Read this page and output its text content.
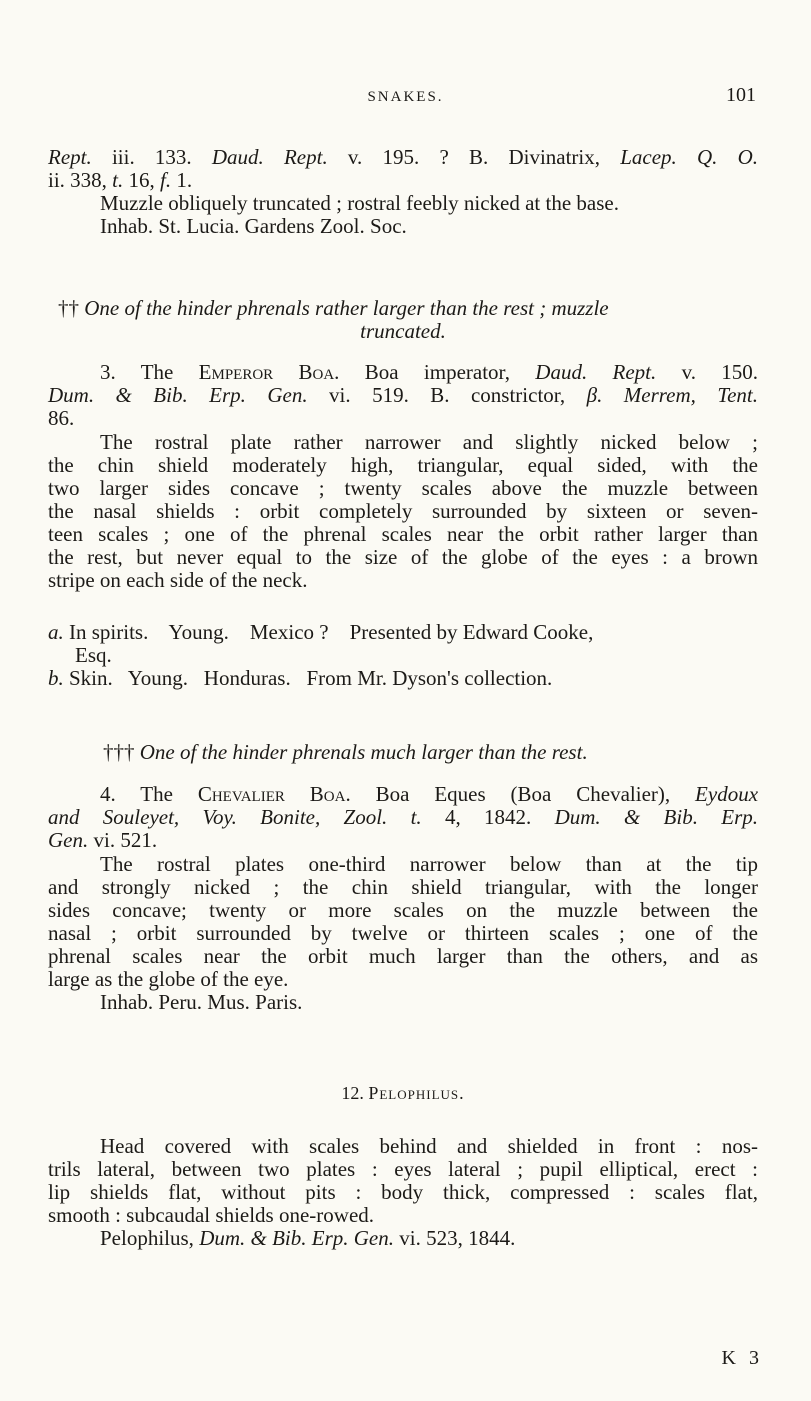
SNAKES.	101
Rept. iii. 133. Daud. Rept. v. 195. ? B. Divinatrix, Lacep. Q. O.
ii. 338, t. 16, f. 1.
Muzzle obliquely truncated ; rostral feebly nicked at the base.
Inhab. St. Lucia. Gardens Zool. Soc.
†† One of the hinder phrenals rather larger than the rest ; muzzle
truncated.
3. The Emperor Boa. Boa imperator, Daud. Rept. v. 150.
Dum. & Bib. Erp. Gen. vi. 519. B. constrictor, β. Merrem, Tent.
86.
The rostral plate rather narrower and slightly nicked below ;
the chin shield moderately high, triangular, equal sided, with the
two larger sides concave ; twenty scales above the muzzle between
the nasal shields : orbit completely surrounded by sixteen or seven-
teen scales ; one of the phrenal scales near the orbit rather larger than
the rest, but never equal to the size of the globe of the eyes : a brown
stripe on each side of the neck.
a. In spirits.    Young.    Mexico ?    Presented by Edward Cooke,
Esq.
b. Skin.   Young.   Honduras.   From Mr. Dyson's collection.
††† One of the hinder phrenals much larger than the rest.
4. The Chevalier Boa. Boa Eques (Boa Chevalier), Eydoux
and Souleyet, Voy. Bonite, Zool. t. 4, 1842. Dum. & Bib. Erp.
Gen. vi. 521.
The rostral plates one-third narrower below than at the tip
and strongly nicked ; the chin shield triangular, with the longer
sides concave; twenty or more scales on the muzzle between the
nasal ; orbit surrounded by twelve or thirteen scales ; one of the
phrenal scales near the orbit much larger than the others, and as
large as the globe of the eye.
Inhab. Peru. Mus. Paris.
12. Pelophilus.
Head covered with scales behind and shielded in front : nos-
trils lateral, between two plates : eyes lateral ; pupil elliptical, erect :
lip shields flat, without pits : body thick, compressed : scales flat,
smooth : subcaudal shields one-rowed.
Pelophilus, Dum. & Bib. Erp. Gen. vi. 523, 1844.
K 3
